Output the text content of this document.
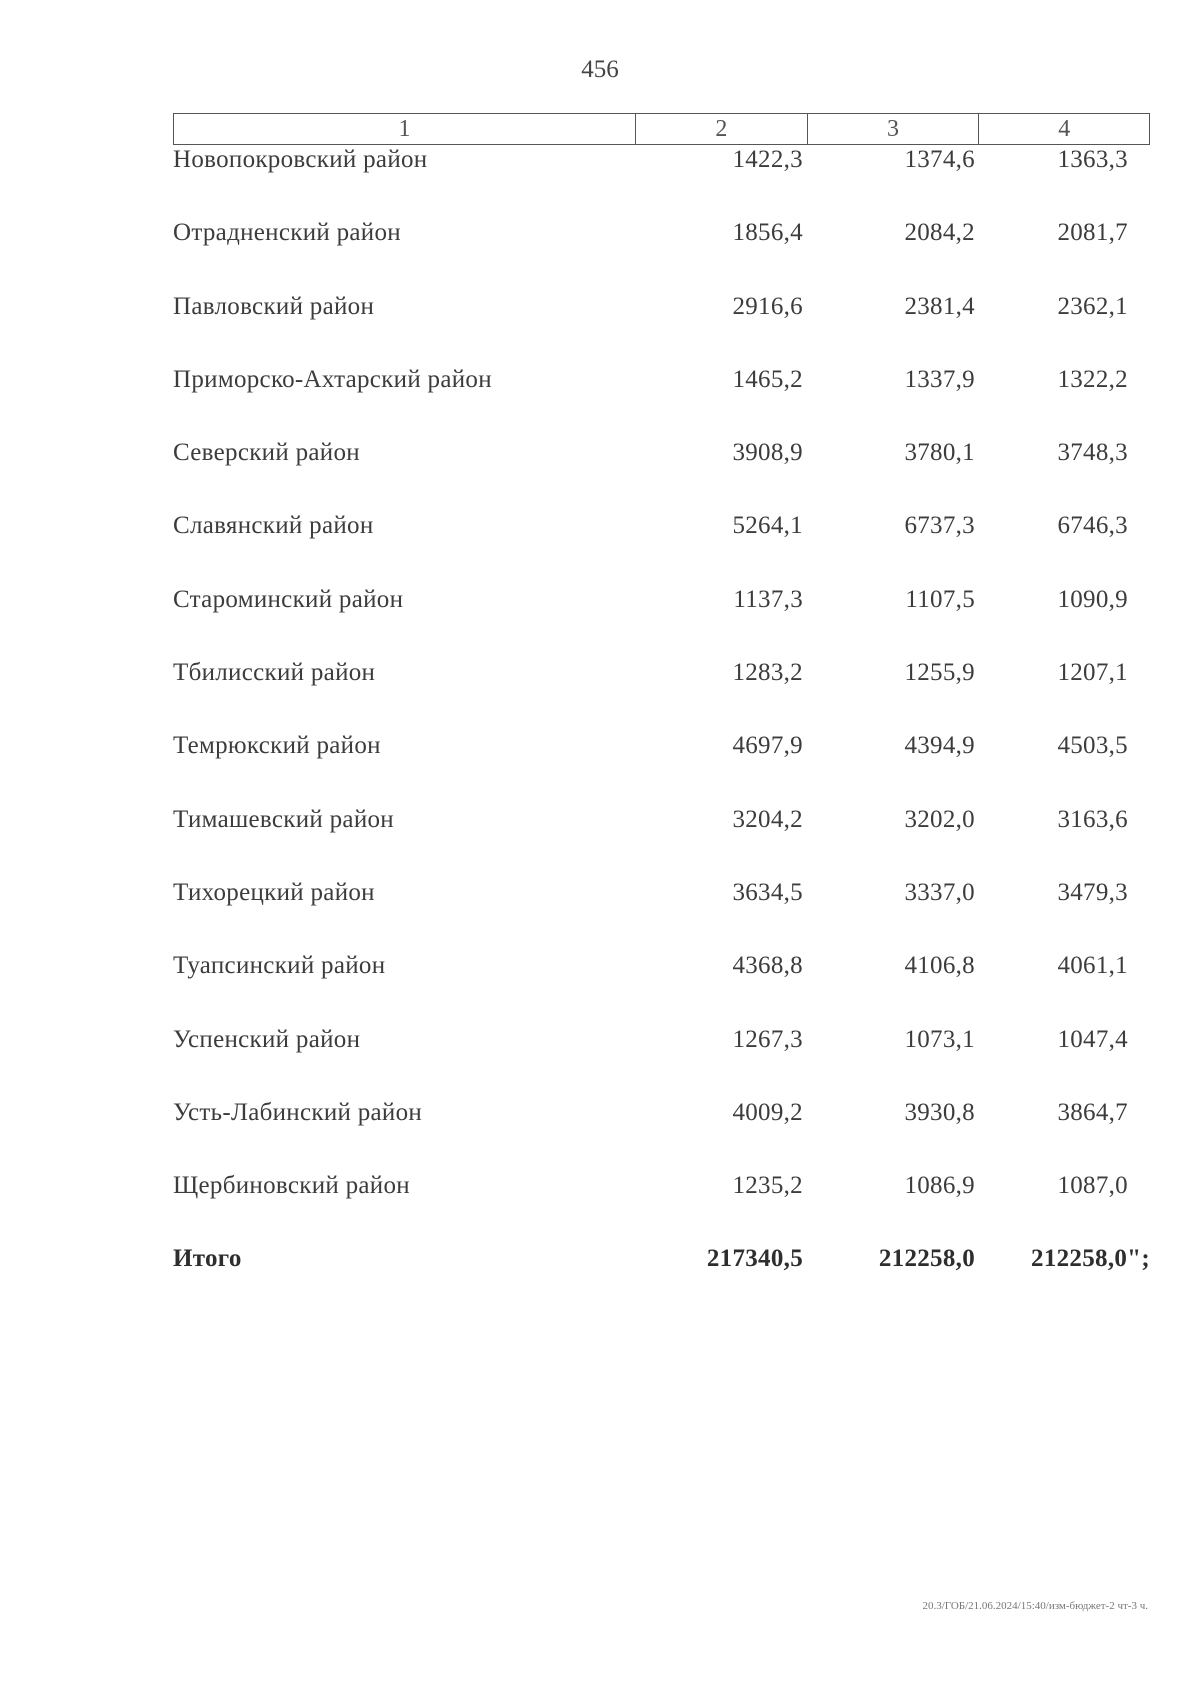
456
1	2	3	4
Новопокровский район	1422,3	1374,6	1363,3
Отрадненский район	1856,4	2084,2	2081,7
Павловский район	2916,6	2381,4	2362,1
Приморско-Ахтарский район	1465,2	1337,9	1322,2
Северский район	3908,9	3780,1	3748,3
Славянский район	5264,1	6737,3	6746,3
Староминский район	1137,3	1107,5	1090,9
Тбилисский район	1283,2	1255,9	1207,1
Темрюкский район	4697,9	4394,9	4503,5
Тимашевский район	3204,2	3202,0	3163,6
Тихорецкий район	3634,5	3337,0	3479,3
Туапсинский район	4368,8	4106,8	4061,1
Успенский район	1267,3	1073,1	1047,4
Усть-Лабинский район	4009,2	3930,8	3864,7
Щербиновский район	1235,2	1086,9	1087,0
Итого	217340,5	212258,0	212258,0";
20.3/ГОБ/21.06.2024/15:40/изм-бюджет-2 чт-3 ч.
